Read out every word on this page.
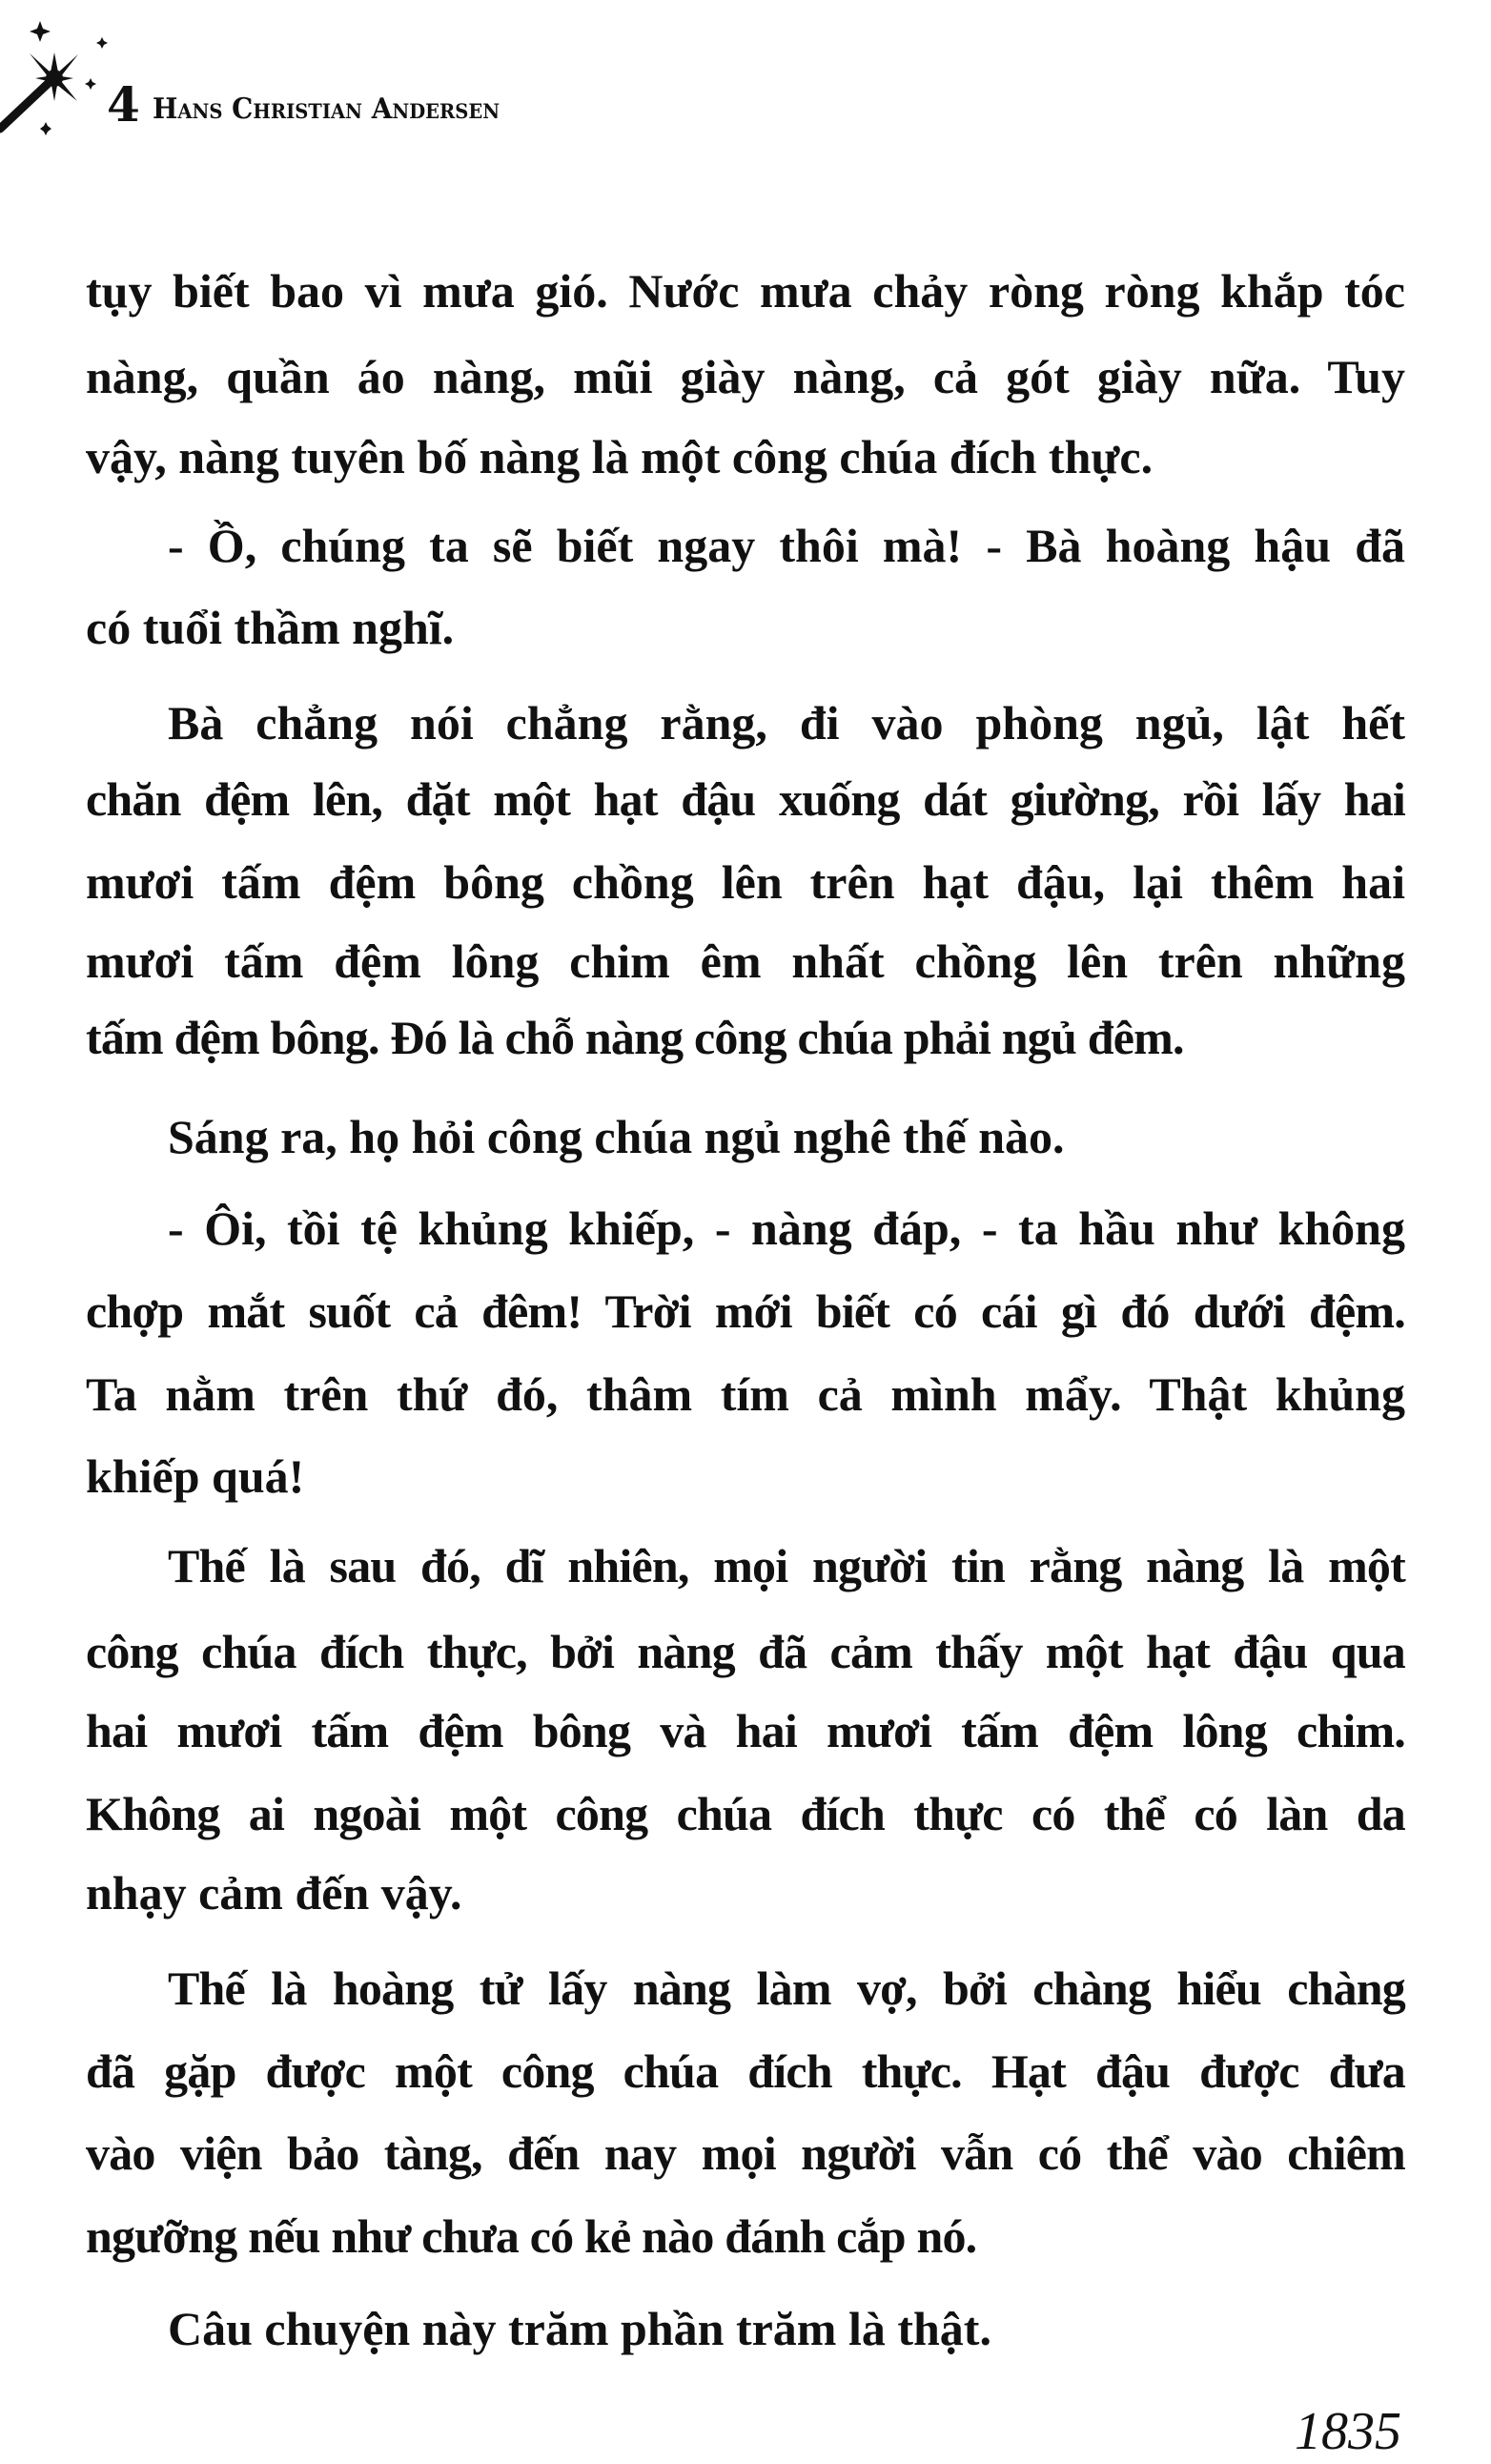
4 Hans Christian Andersen
tụy biết bao vì mưa gió. Nước mưa chảy ròng ròng khắp tóc
nàng, quần áo nàng, mũi giày nàng, cả gót giày nữa. Tuy
vậy, nàng tuyên bố nàng là một công chúa đích thực.
- Ồ, chúng ta sẽ biết ngay thôi mà! - Bà hoàng hậu đã
có tuổi thầm nghĩ.
Bà chẳng nói chẳng rằng, đi vào phòng ngủ, lật hết
chăn đệm lên, đặt một hạt đậu xuống dát giường, rồi lấy hai
mươi tấm đệm bông chồng lên trên hạt đậu, lại thêm hai
mươi tấm đệm lông chim êm nhất chồng lên trên những
tấm đệm bông. Đó là chỗ nàng công chúa phải ngủ đêm.
Sáng ra, họ hỏi công chúa ngủ nghê thế nào.
- Ôi, tồi tệ khủng khiếp, - nàng đáp, - ta hầu như không
chợp mắt suốt cả đêm! Trời mới biết có cái gì đó dưới đệm.
Ta nằm trên thứ đó, thâm tím cả mình mẩy. Thật khủng
khiếp quá!
Thế là sau đó, dĩ nhiên, mọi người tin rằng nàng là một
công chúa đích thực, bởi nàng đã cảm thấy một hạt đậu qua
hai mươi tấm đệm bông và hai mươi tấm đệm lông chim.
Không ai ngoài một công chúa đích thực có thể có làn da
nhạy cảm đến vậy.
Thế là hoàng tử lấy nàng làm vợ, bởi chàng hiểu chàng
đã gặp được một công chúa đích thực. Hạt đậu được đưa
vào viện bảo tàng, đến nay mọi người vẫn có thể vào chiêm
ngưỡng nếu như chưa có kẻ nào đánh cắp nó.
Câu chuyện này trăm phần trăm là thật.
1835
